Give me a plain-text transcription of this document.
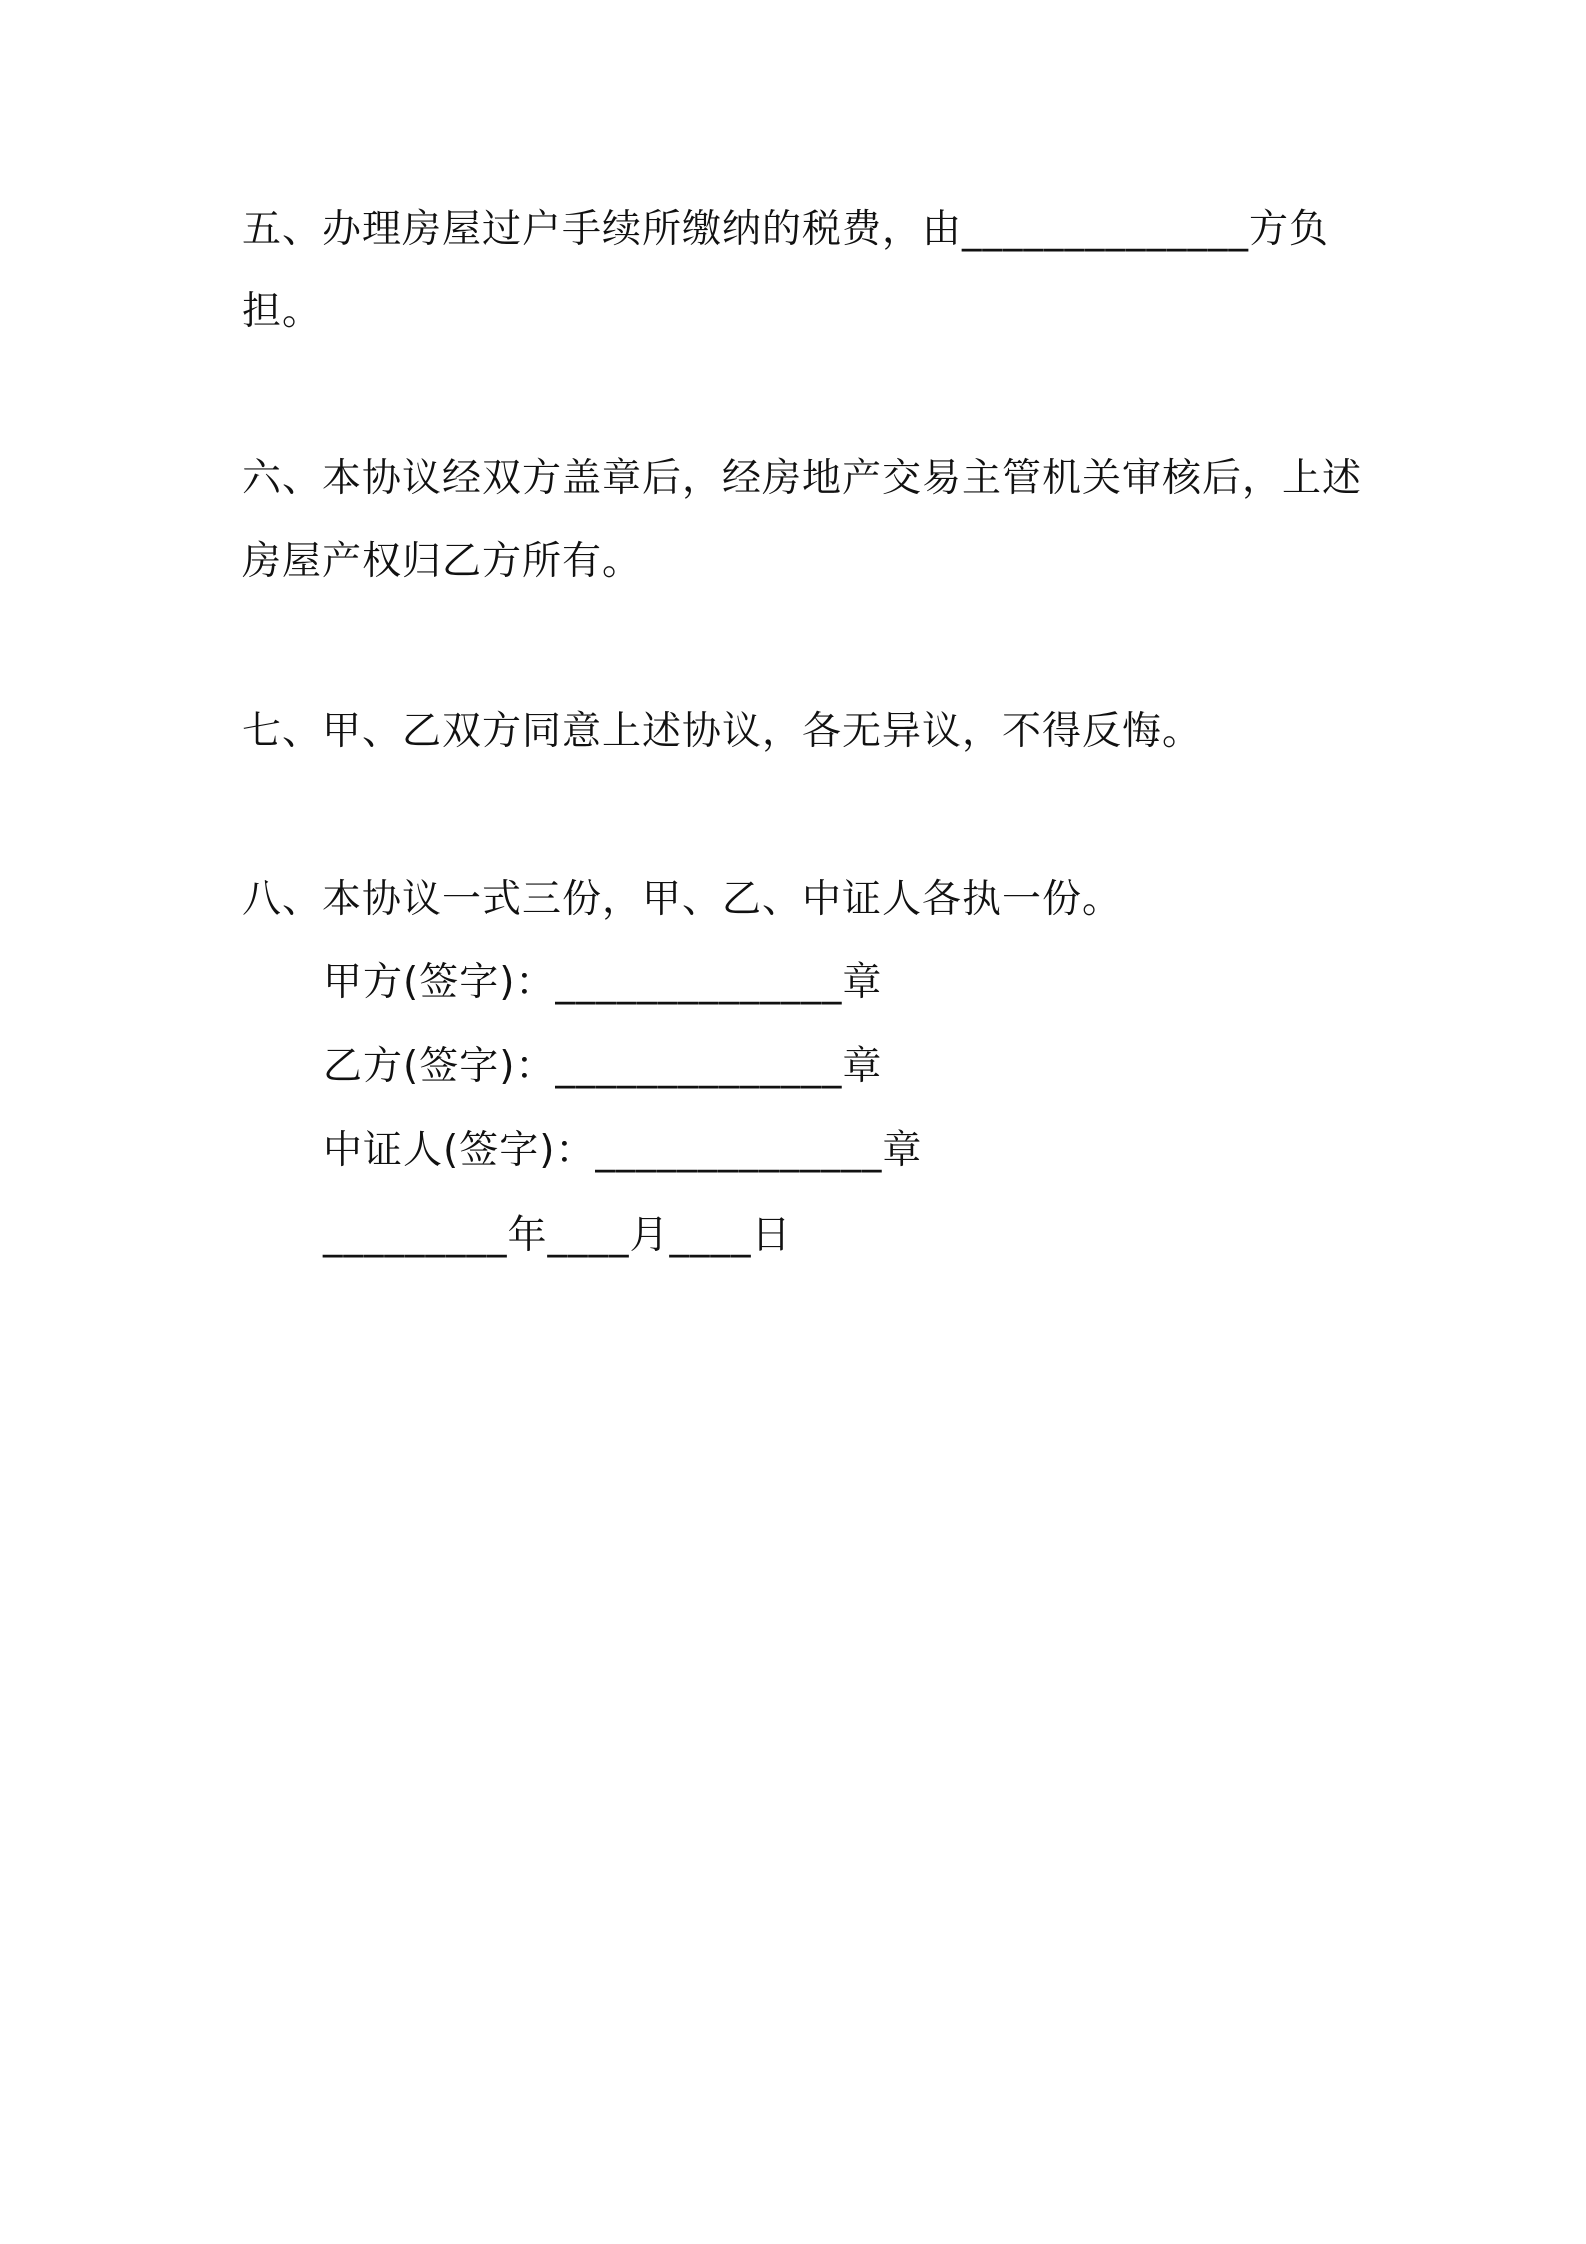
五、办理房屋过户手续所缴纳的税费，由______________方负
担。
六、本协议经双方盖章后，经房地产交易主管机关审核后，上述
房屋产权归乙方所有。
七、甲、乙双方同意上述协议，各无异议，不得反悔。
八、本协议一式三份，甲、乙、中证人各执一份。
甲方(签字)：______________章
乙方(签字)：______________章
中证人(签字)：______________章
_________年____月____日
